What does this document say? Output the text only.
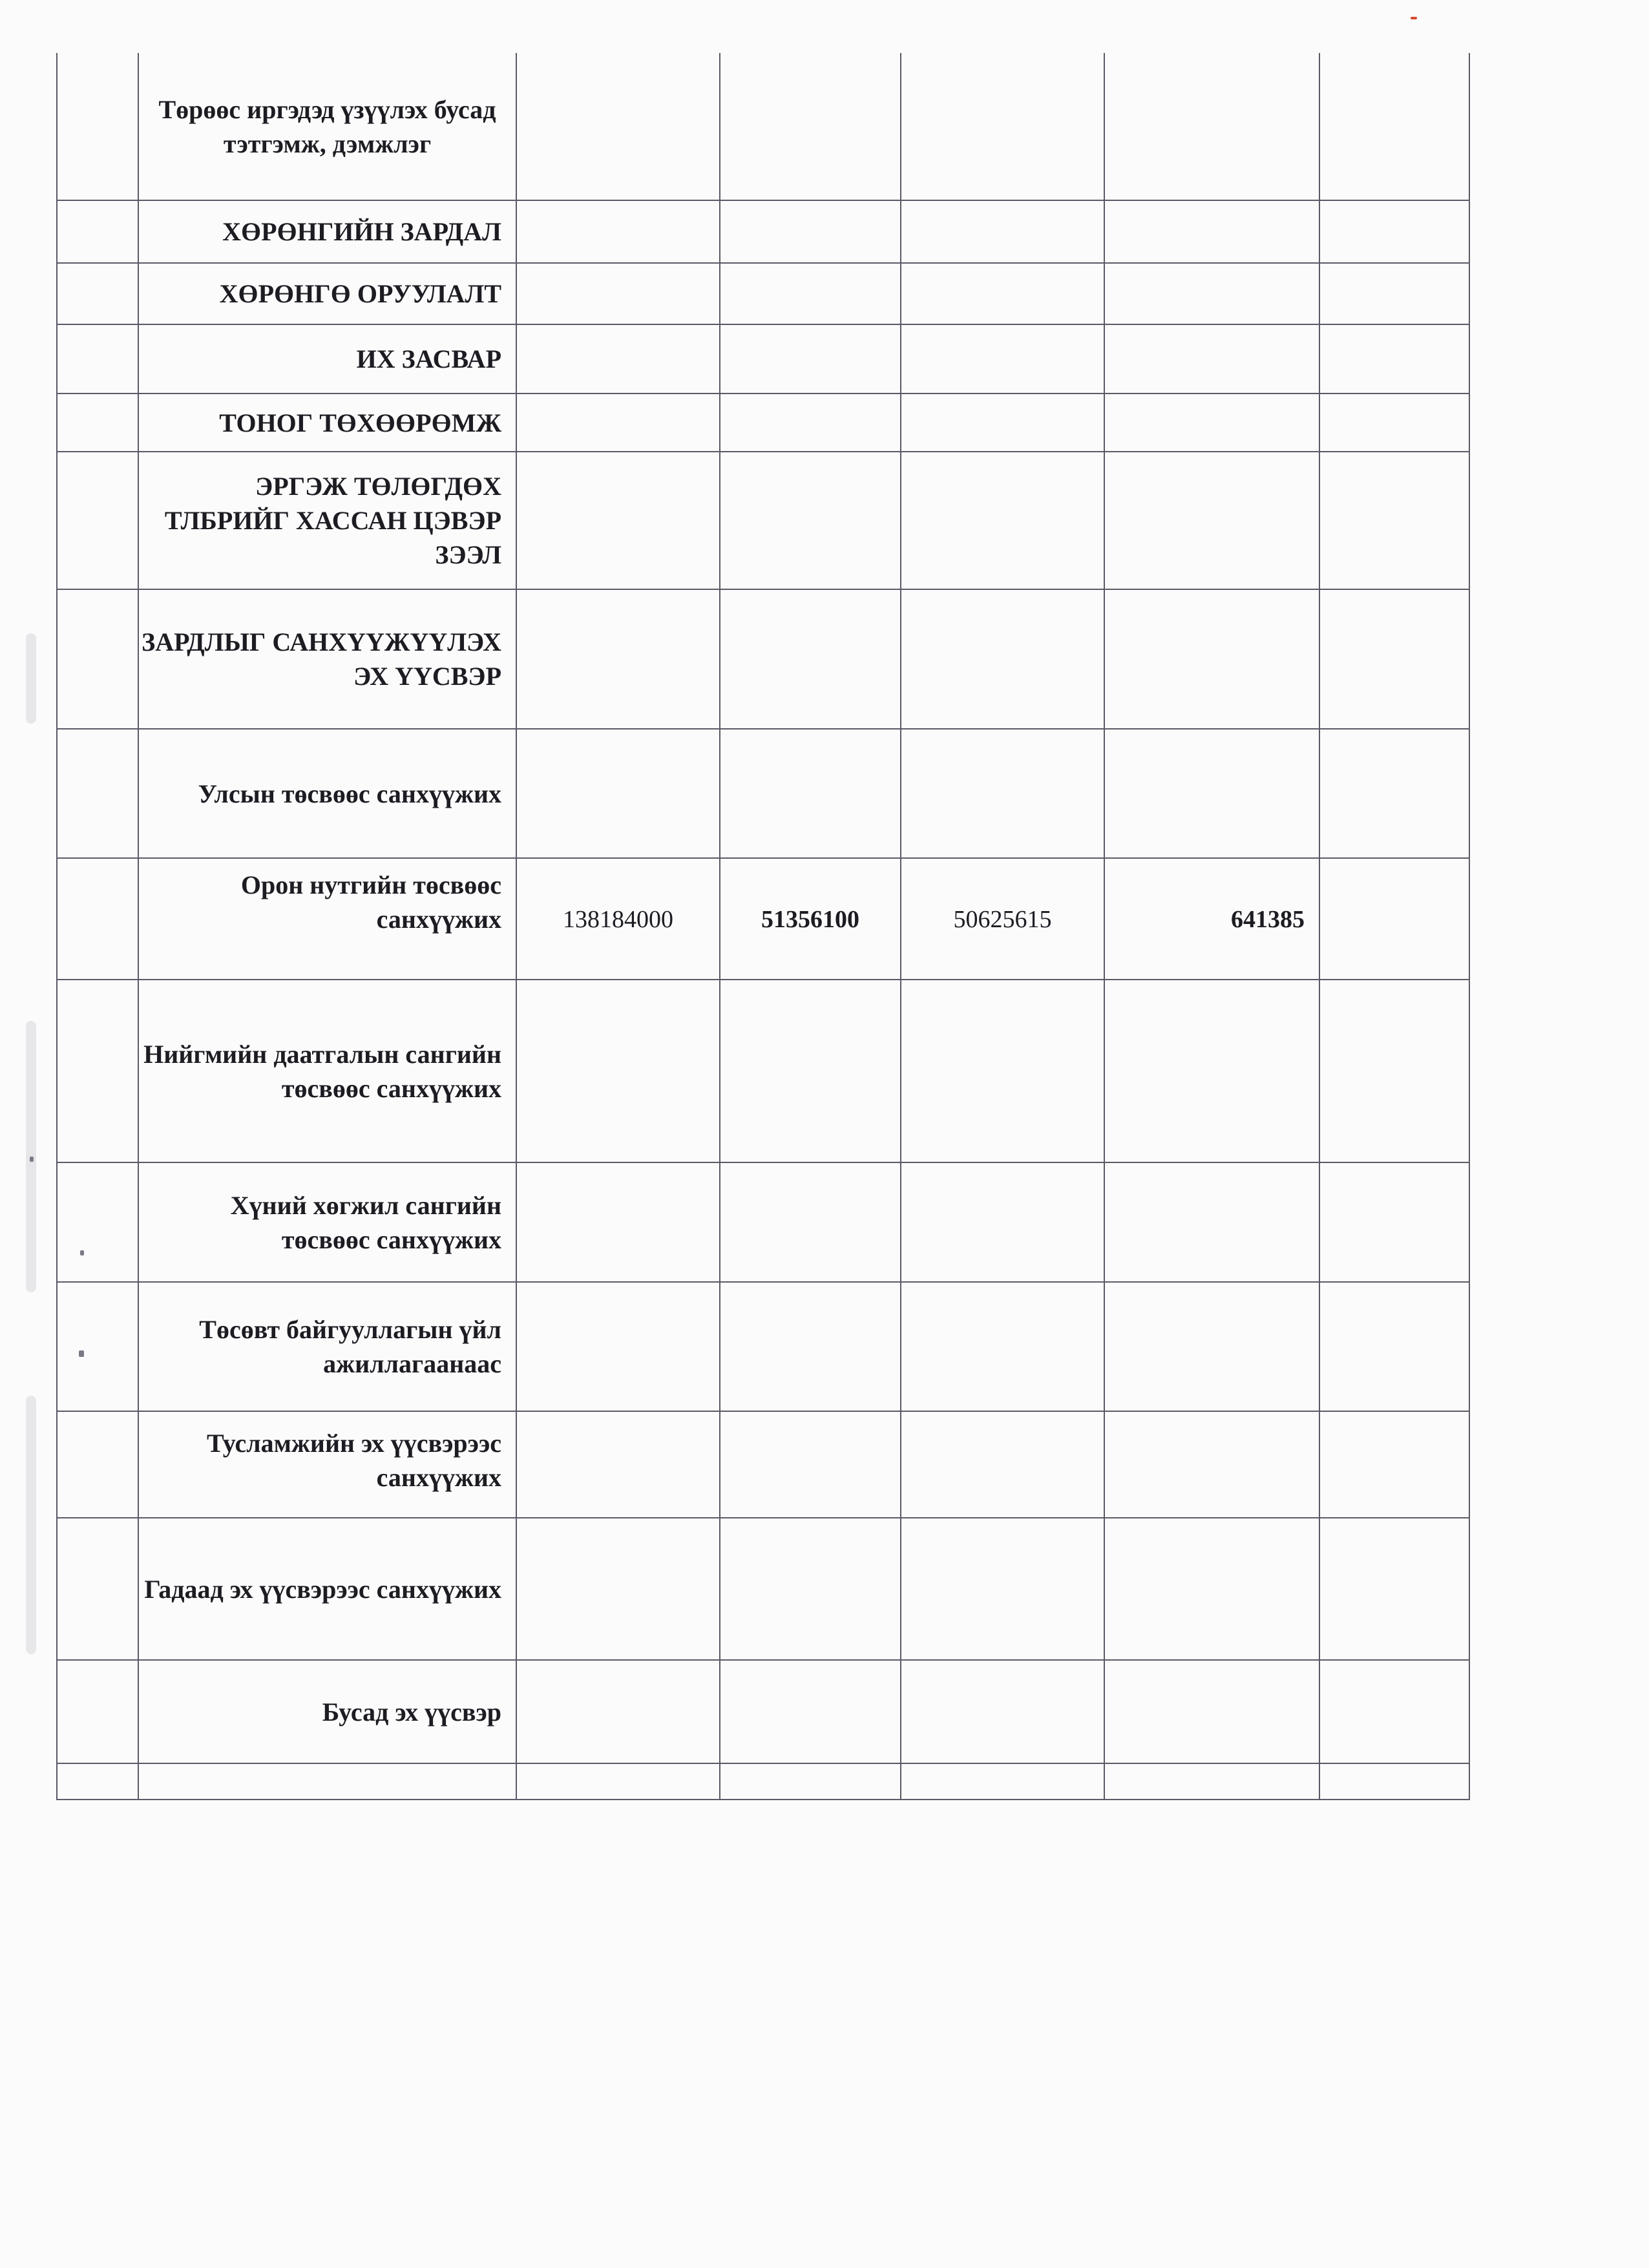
	Төрөөс иргэдэд үзүүлэх бусад тэтгэмж, дэмжлэг					
	ХӨРӨНГИЙН ЗАРДАЛ					
	ХӨРӨНГӨ ОРУУЛАЛТ					
	ИХ ЗАСВАР					
	ТОНОГ ТӨХӨӨРӨМЖ					
	ЭРГЭЖ ТӨЛӨГДӨХ ТЛБРИЙГ ХАССАН ЦЭВЭР ЗЭЭЛ					
	ЗАРДЛЫГ САНХҮҮЖҮҮЛЭХ ЭХ ҮҮСВЭР					
	Улсын төсвөөс санхүүжих					
	Орон нутгийн төсвөөс санхүүжих	138184000	51356100	50625615	641385	
	Нийгмийн даатгалын сангийн төсвөөс санхүүжих					
	Хүний хөгжил сангийн төсвөөс санхүүжих					
	Төсөвт байгууллагын үйл ажиллагаанаас					
	Тусламжийн эх үүсвэрээс санхүүжих					
	Гадаад эх үүсвэрээс санхүүжих					
	Бусад эх үүсвэр					
